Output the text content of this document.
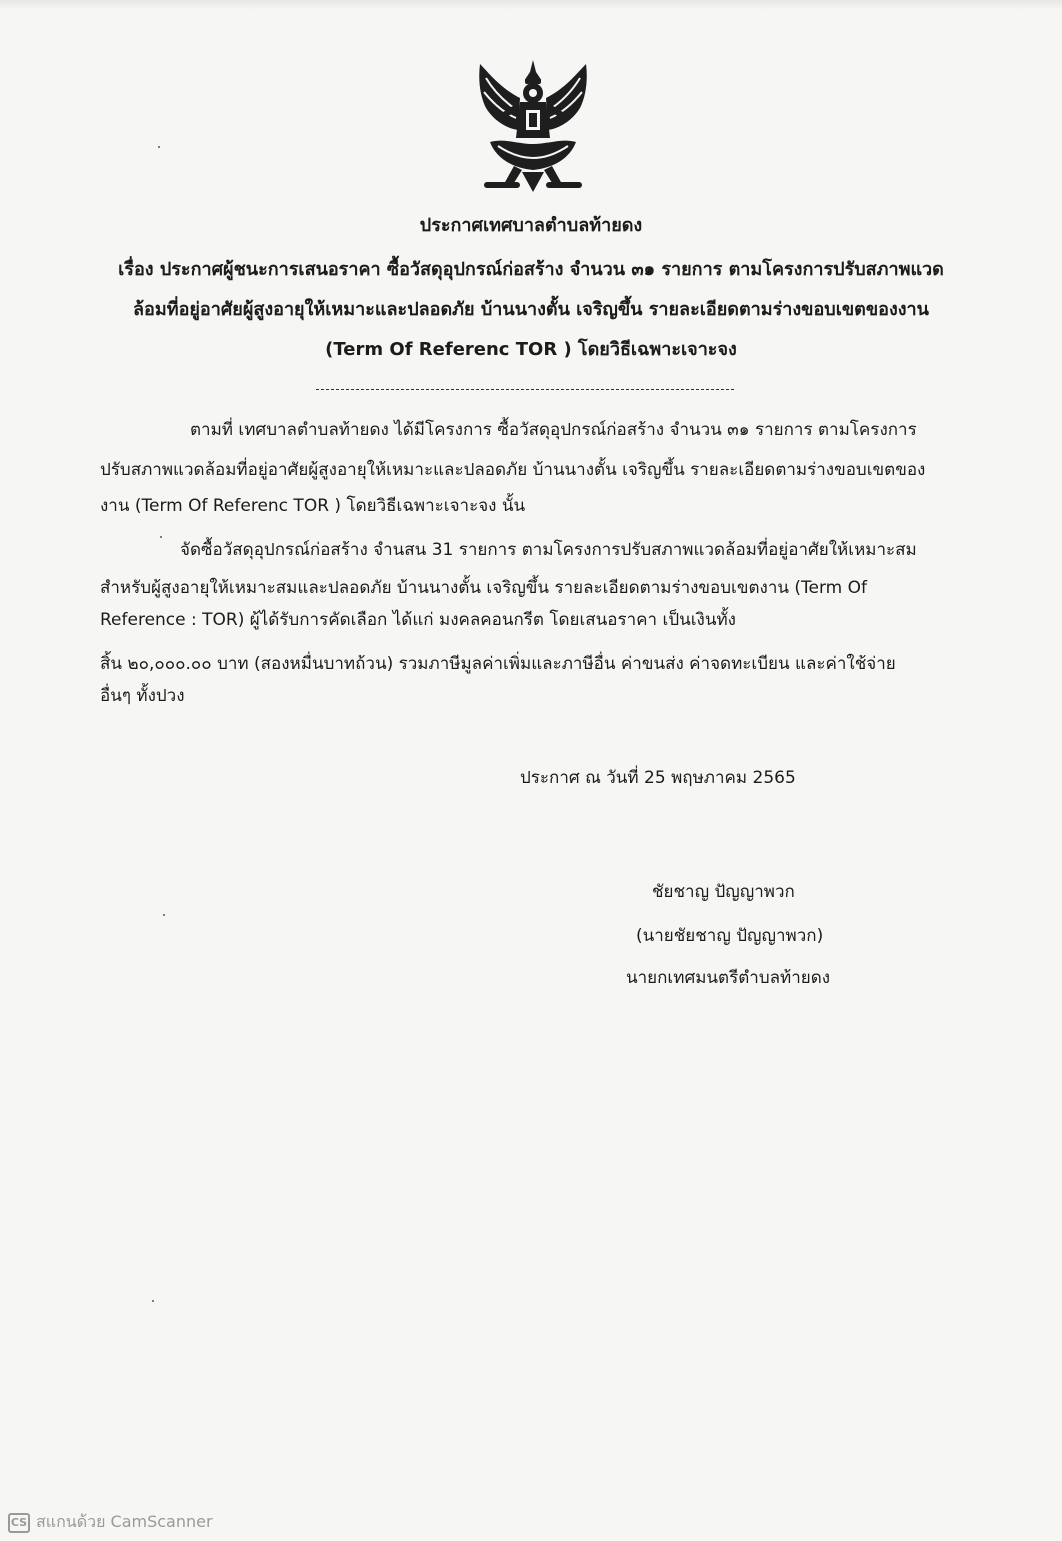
ประกาศเทศบาลตำบลท้ายดง
เรื่อง ประกาศผู้ชนะการเสนอราคา ซื้อวัสดุอุปกรณ์ก่อสร้าง จำนวน ๓๑ รายการ ตามโครงการปรับสภาพแวด
ล้อมที่อยู่อาศัยผู้สูงอายุให้เหมาะและปลอดภัย บ้านนางตั้น เจริญขึ้น รายละเอียดตามร่างขอบเขตของงาน
(Term Of Referenc TOR ) โดยวิธีเฉพาะเจาะจง
ตามที่ เทศบาลตำบลท้ายดง ได้มีโครงการ ซื้อวัสดุอุปกรณ์ก่อสร้าง จำนวน ๓๑ รายการ ตามโครงการ
ปรับสภาพแวดล้อมที่อยู่อาศัยผู้สูงอายุให้เหมาะและปลอดภัย บ้านนางตั้น เจริญขึ้น รายละเอียดตามร่างขอบเขตของ
งาน (Term Of Referenc TOR ) โดยวิธีเฉพาะเจาะจง นั้น
จัดซื้อวัสดุอุปกรณ์ก่อสร้าง จำนสน 31 รายการ ตามโครงการปรับสภาพแวดล้อมที่อยู่อาศัยให้เหมาะสม
สำหรับผู้สูงอายุให้เหมาะสมและปลอดภัย บ้านนางตั้น เจริญขึ้น รายละเอียดตามร่างขอบเขตงาน (Term Of
Reference : TOR) ผู้ได้รับการคัดเลือก ได้แก่ มงคลคอนกรีต โดยเสนอราคา เป็นเงินทั้ง
สิ้น ๒๐,๐๐๐.๐๐ บาท (สองหมื่นบาทถ้วน) รวมภาษีมูลค่าเพิ่มและภาษีอื่น ค่าขนส่ง ค่าจดทะเบียน และค่าใช้จ่าย
อื่นๆ ทั้งปวง
ประกาศ ณ วันที่ 25 พฤษภาคม 2565
ชัยชาญ ปัญญาพวก
(นายชัยชาญ ปัญญาพวก)
นายกเทศมนตรีตำบลท้ายดง
CS สแกนด้วย CamScanner
